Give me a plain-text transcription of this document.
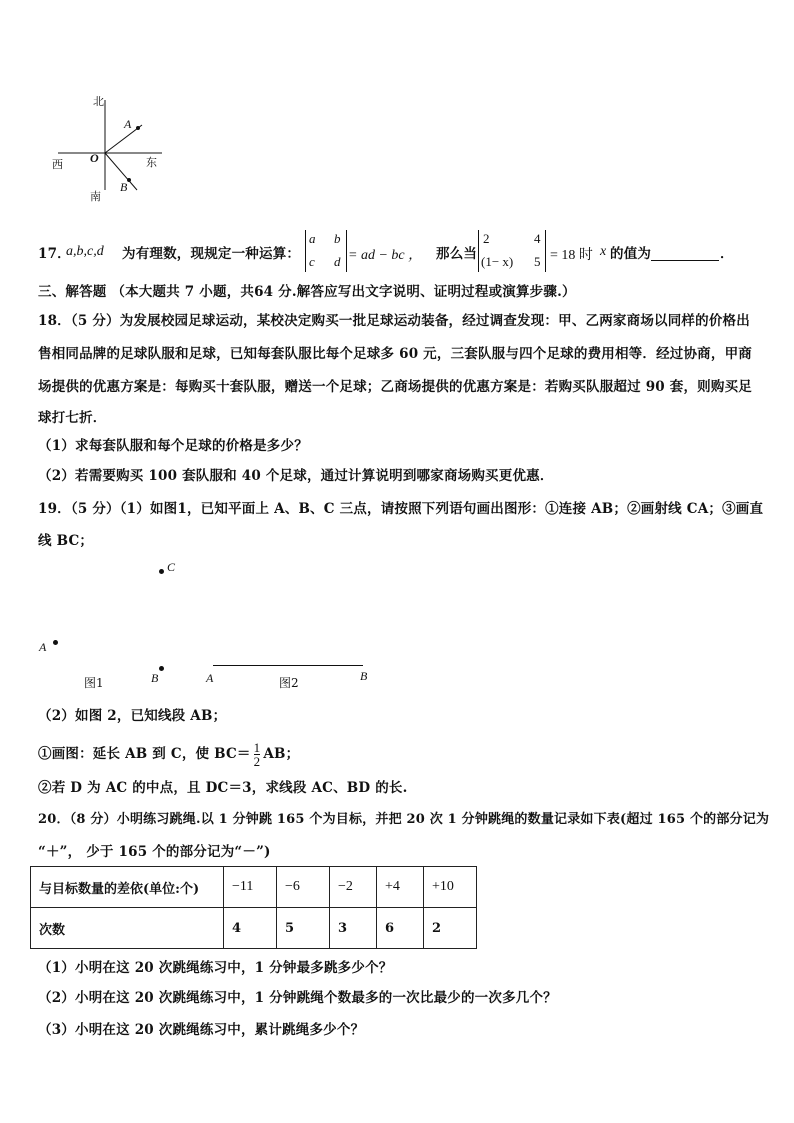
北
南
西	东
O
A
B
17．
a,b,c,d 为有理数，现规定一种运算：
a b
c d = ad − bc ， 那么当
2	4
(1− x) 5 = 18 时 x 的值为	．
三、解答题 （本大题共 7 小题，共64 分.解答应写出文字说明、证明过程或演算步骤.）
18．（5 分）为发展校园足球运动，某校决定购买一批足球运动装备，经过调查发现：甲、乙两家商场以同样的价格出
售相同品牌的足球队服和足球，已知每套队服比每个足球多 60 元，三套队服与四个足球的费用相等．经过协商，甲商
场提供的优惠方案是：每购买十套队服，赠送一个足球；乙商场提供的优惠方案是：若购买队服超过 90 套，则购买足
球打七折．
（1）求每套队服和每个足球的价格是多少？
（2）若需要购买 100 套队服和 40 个足球，通过计算说明到哪家商场购买更优惠．
19．（5 分）（1）如图1，已知平面上 A、B、C 三点，请按照下列语句画出图形：①连接 AB；②画射线 CA；③画直
线 BC；
C
A
B
图1	A	B
图2
（2）如图 2，已知线段 AB；
①画图：延长 AB 到 C，使 $BC= \frac{1}{2}$ AB；
②若 D 为 AC 的中点，且 DC＝3，求线段 AC、BD 的长.
20．（8 分）小明练习跳绳.以 1 分钟跳 165 个为目标，并把 20 次 1 分钟跳绳的数量记录如下表(超过 165 个的部分记为
“＋”， 少于 165 个的部分记为“－”)
与目标数量的差依(单位:个)	−11	−6	−2	+4	+10
次数	4	5	3	6	2
（1）小明在这 20 次跳绳练习中，1 分钟最多跳多少个？
（2）小明在这 20 次跳绳练习中，1 分钟跳绳个数最多的一次比最少的一次多几个？
（3）小明在这 20 次跳绳练习中，累计跳绳多少个？
